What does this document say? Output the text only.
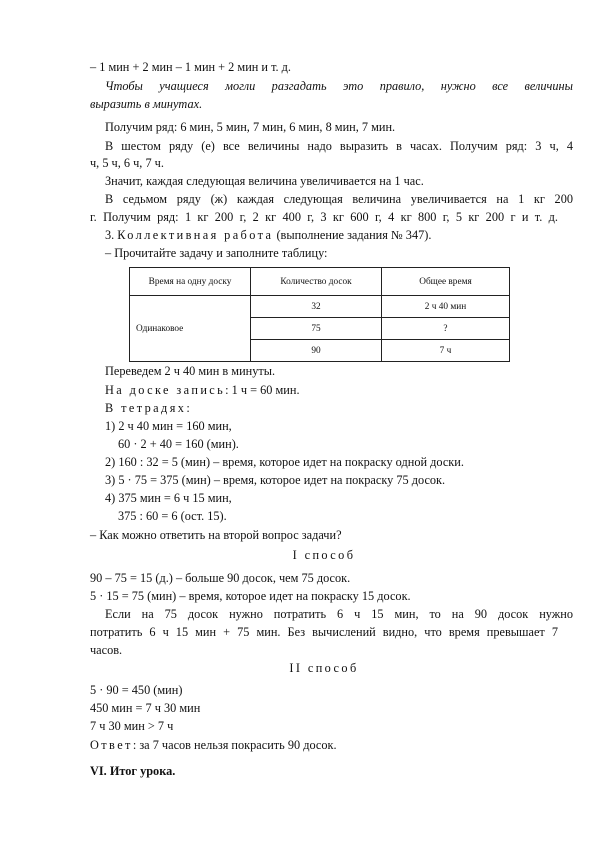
– 1 мин + 2 мин – 1 мин + 2 мин и т. д.
Чтобы учащиеся могли разгадать это правило, нужно все величины
выразить в минутах.
Получим ряд: 6 мин, 5 мин, 7 мин, 6 мин, 8 мин, 7 мин.
В шестом ряду (е) все величины надо выразить в часах. Получим ряд: 3 ч, 4
ч, 5 ч, 6 ч, 7 ч.
Значит, каждая следующая величина увеличивается на 1 час.
В седьмом ряду (ж) каждая следующая величина увеличивается на 1 кг 200
г. Получим ряд: 1 кг 200 г, 2 кг 400 г, 3 кг 600 г, 4 кг 800 г, 5 кг 200 г и т. д.
3. Коллективная работа (выполнение задания № 347).
– Прочитайте задачу и заполните таблицу:
Время на одну доску	Количество досок	Общее время
Одинаковое	32	2 ч 40 мин
	75	?
	90	7 ч
Переведем 2 ч 40 мин в минуты.
На доске запись: 1 ч = 60 мин.
В тетрадях:
1) 2 ч 40 мин = 160 мин,
60 · 2 + 40 = 160 (мин).
2) 160 : 32 = 5 (мин) – время, которое идет на покраску одной доски.
3) 5 · 75 = 375 (мин) – время, которое идет на покраску 75 досок.
4) 375 мин = 6 ч 15 мин,
375 : 60 = 6 (ост. 15).
– Как можно ответить на второй вопрос задачи?
I способ
90 – 75 = 15 (д.) – больше 90 досок, чем 75 досок.
5 · 15 = 75 (мин) – время, которое идет на покраску 15 досок.
Если на 75 досок нужно потратить 6 ч 15 мин, то на 90 досок нужно
потратить 6 ч 15 мин + 75 мин. Без вычислений видно, что время превышает 7
часов.
II способ
5 · 90 = 450 (мин)
450 мин = 7 ч 30 мин
7 ч 30 мин > 7 ч
Ответ: за 7 часов нельзя покрасить 90 досок.
VI. Итог урока.
